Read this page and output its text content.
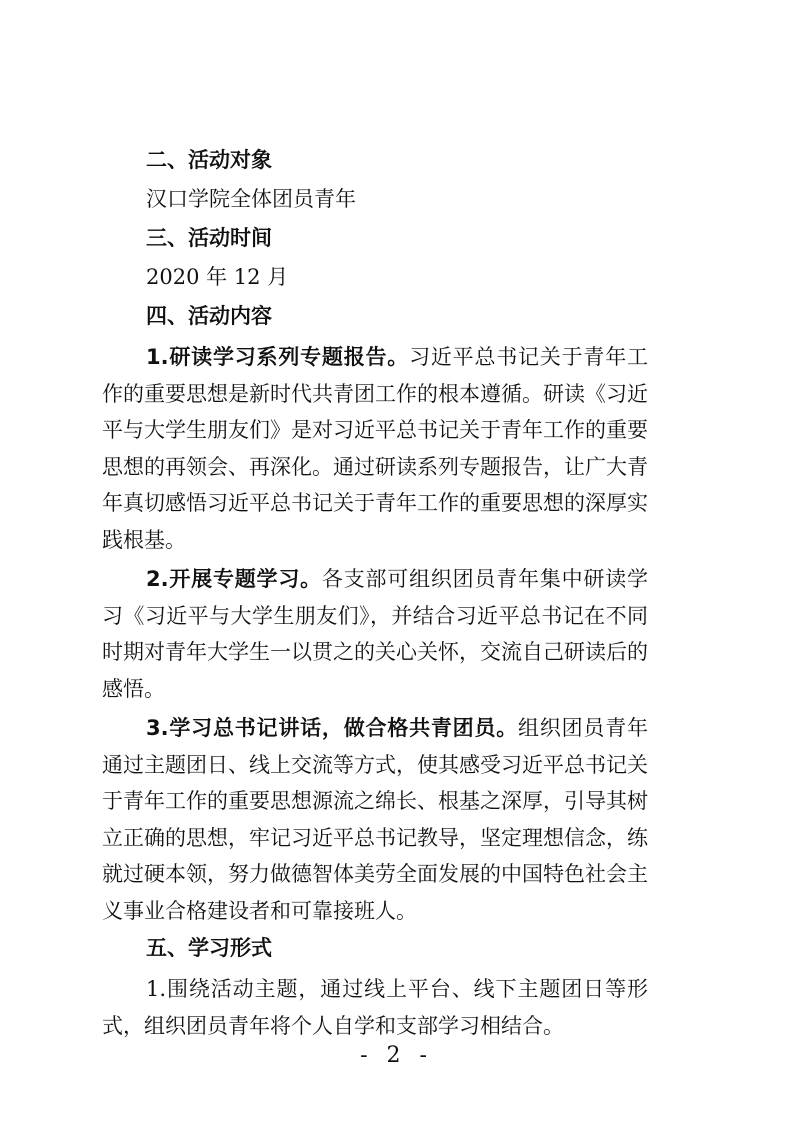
二、活动对象

汉口学院全体团员青年

三、活动时间

2020 年 12 月

四、活动内容

1.研读学习系列专题报告。习近平总书记关于青年工作的重要思想是新时代共青团工作的根本遵循。研读《习近平与大学生朋友们》是对习近平总书记关于青年工作的重要思想的再领会、再深化。通过研读系列专题报告，让广大青年真切感悟习近平总书记关于青年工作的重要思想的深厚实践根基。

2.开展专题学习。各支部可组织团员青年集中研读学习《习近平与大学生朋友们》，并结合习近平总书记在不同时期对青年大学生一以贯之的关心关怀，交流自己研读后的感悟。

3.学习总书记讲话，做合格共青团员。组织团员青年通过主题团日、线上交流等方式，使其感受习近平总书记关于青年工作的重要思想源流之绵长、根基之深厚，引导其树立正确的思想，牢记习近平总书记教导，坚定理想信念，练就过硬本领，努力做德智体美劳全面发展的中国特色社会主义事业合格建设者和可靠接班人。

五、学习形式

1.围绕活动主题，通过线上平台、线下主题团日等形式，组织团员青年将个人自学和支部学习相结合。

- 2 -
